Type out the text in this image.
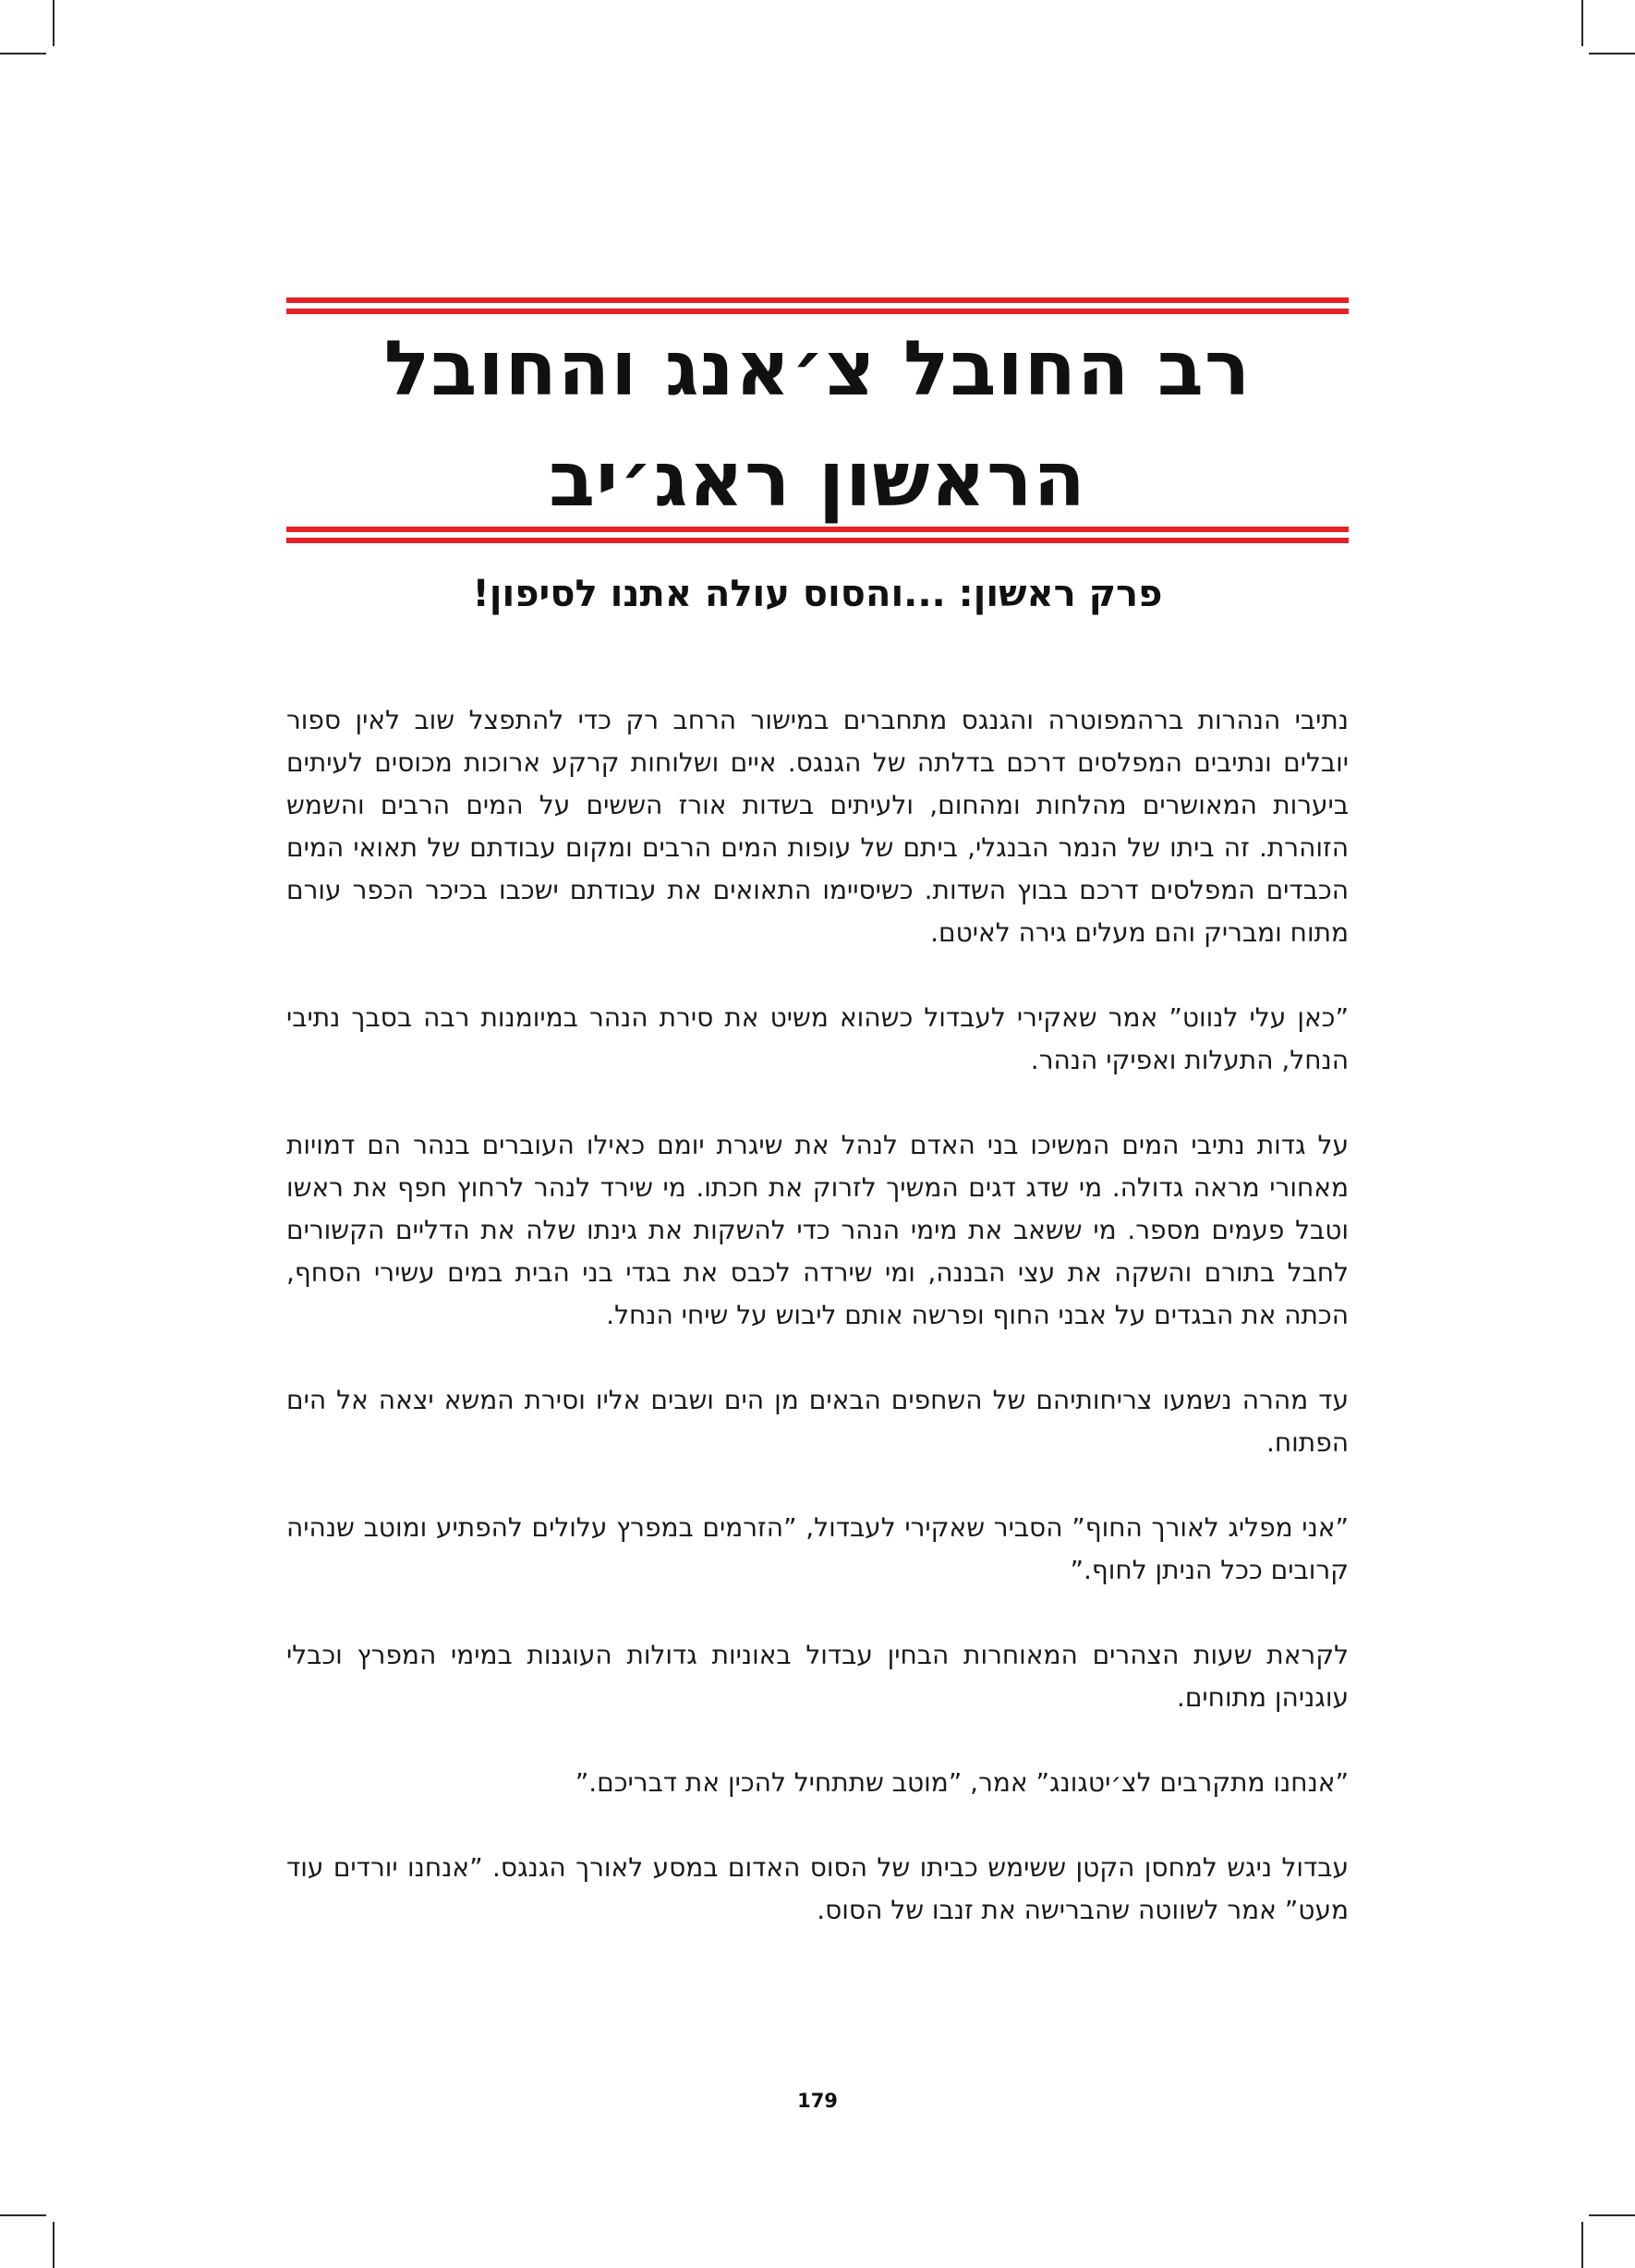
רב החובל צ׳אנג והחובל
הראשון ראג׳יב
פרק ראשון: ...והסוס עולה אתנו לסיפון!

נתיבי הנהרות ברהמפוטרה והגנגס מתחברים במישור הרחב רק כדי להתפצל שוב לאין ספור יובלים ונתיבים המפלסים דרכם בדלתה של הגנגס. איים ושלוחות קרקע ארוכות מכוסים לעיתים ביערות המאושרים מהלחות ומהחום, ולעיתים בשדות אורז הששים על המים הרבים והשמש הזוהרת. זה ביתו של הנמר הבנגלי, ביתם של עופות המים הרבים ומקום עבודתם של תאואי המים הכבדים המפלסים דרכם בבוץ השדות. כשיסיימו התאואים את עבודתם ישכבו בכיכר הכפר עורם מתוח ומבריק והם מעלים גירה לאיטם.

”כאן עלי לנווט” אמר שאקירי לעבדול כשהוא משיט את סירת הנהר במיומנות רבה בסבך נתיבי הנחל, התעלות ואפיקי הנהר.

על גדות נתיבי המים המשיכו בני האדם לנהל את שיגרת יומם כאילו העוברים בנהר הם דמויות מאחורי מראה גדולה. מי שדג דגים המשיך לזרוק את חכתו. מי שירד לנהר לרחוץ חפף את ראשו וטבל פעמים מספר. מי ששאב את מימי הנהר כדי להשקות את גינתו שלה את הדליים הקשורים לחבל בתורם והשקה את עצי הבננה, ומי שירדה לכבס את בגדי בני הבית במים עשירי הסחף, הכתה את הבגדים על אבני החוף ופרשה אותם ליבוש על שיחי הנחל.

עד מהרה נשמעו צריחותיהם של השחפים הבאים מן הים ושבים אליו וסירת המשא יצאה אל הים הפתוח.

”אני מפליג לאורך החוף” הסביר שאקירי לעבדול, ”הזרמים במפרץ עלולים להפתיע ומוטב שנהיה קרובים ככל הניתן לחוף.”

לקראת שעות הצהרים המאוחרות הבחין עבדול באוניות גדולות העוגנות במימי המפרץ וכבלי עוגניהן מתוחים.

”אנחנו מתקרבים לצ׳יטגונג” אמר, ”מוטב שתתחיל להכין את דבריכם.”

עבדול ניגש למחסן הקטן ששימש כביתו של הסוס האדום במסע לאורך הגנגס. ”אנחנו יורדים עוד מעט” אמר לשווטה שהברישה את זנבו של הסוס.

179
